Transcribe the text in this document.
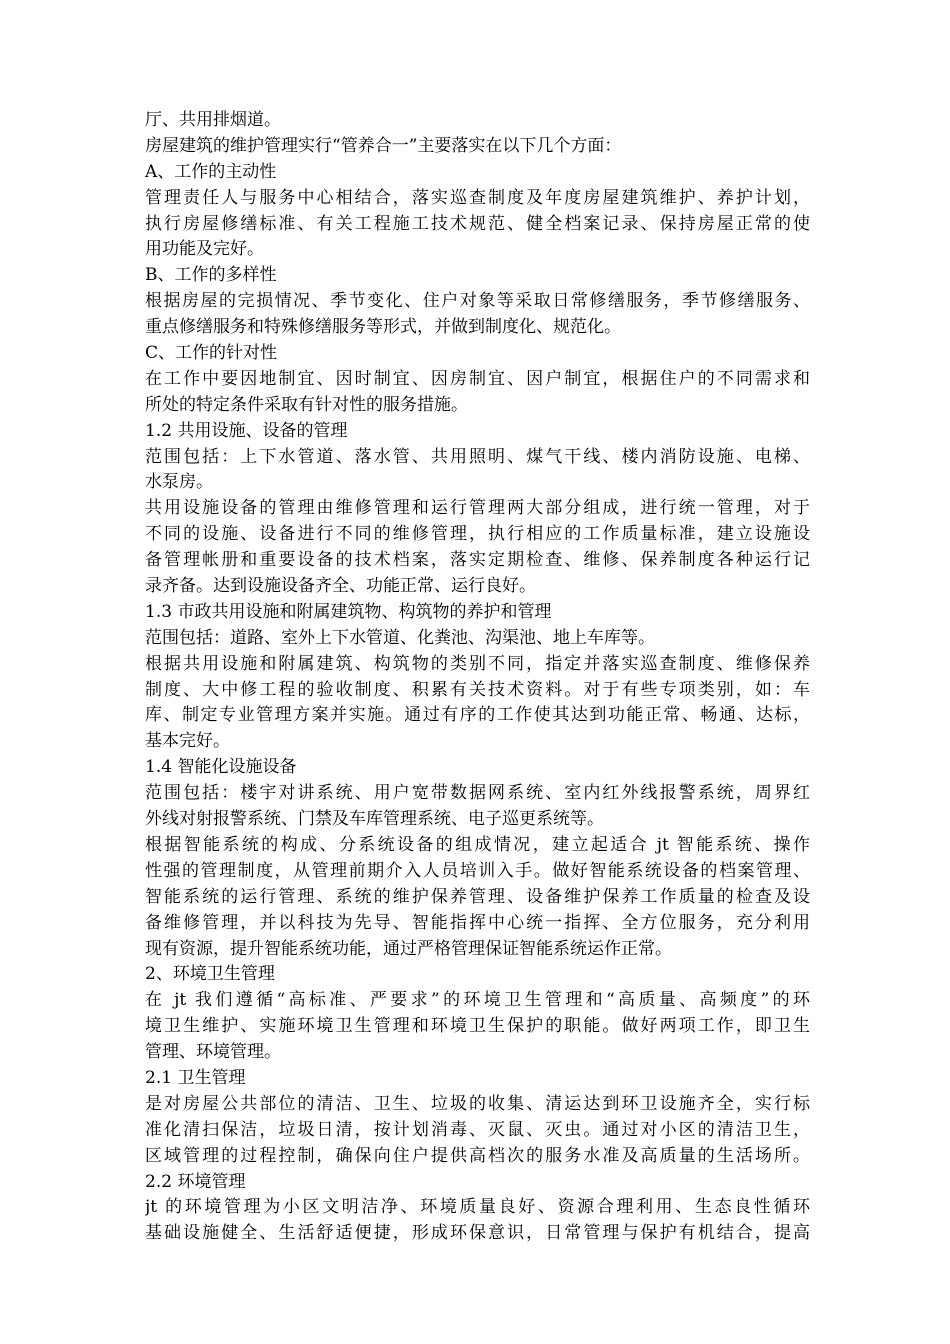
厅、共用排烟道。
房屋建筑的维护管理实行“管养合一”主要落实在以下几个方面：
A、工作的主动性
管理责任人与服务中心相结合，落实巡查制度及年度房屋建筑维护、养护计划，
执行房屋修缮标准、有关工程施工技术规范、健全档案记录、保持房屋正常的使
用功能及完好。
B、工作的多样性
根据房屋的完损情况、季节变化、住户对象等采取日常修缮服务，季节修缮服务、
重点修缮服务和特殊修缮服务等形式，并做到制度化、规范化。
C、工作的针对性
在工作中要因地制宜、因时制宜、因房制宜、因户制宜，根据住户的不同需求和
所处的特定条件采取有针对性的服务措施。
1.2 共用设施、设备的管理
范围包括：上下水管道、落水管、共用照明、煤气干线、楼内消防设施、电梯、
水泵房。
共用设施设备的管理由维修管理和运行管理两大部分组成，进行统一管理，对于
不同的设施、设备进行不同的维修管理，执行相应的工作质量标准，建立设施设
备管理帐册和重要设备的技术档案，落实定期检查、维修、保养制度各种运行记
录齐备。达到设施设备齐全、功能正常、运行良好。
1.3 市政共用设施和附属建筑物、构筑物的养护和管理
范围包括：道路、室外上下水管道、化粪池、沟渠池、地上车库等。
根据共用设施和附属建筑、构筑物的类别不同，指定并落实巡查制度、维修保养
制度、大中修工程的验收制度、积累有关技术资料。对于有些专项类别，如：车
库、制定专业管理方案并实施。通过有序的工作使其达到功能正常、畅通、达标，
基本完好。
1.4 智能化设施设备
范围包括：楼宇对讲系统、用户宽带数据网系统、室内红外线报警系统，周界红
外线对射报警系统、门禁及车库管理系统、电子巡更系统等。
根据智能系统的构成、分系统设备的组成情况，建立起适合 jt 智能系统、操作
性强的管理制度，从管理前期介入人员培训入手。做好智能系统设备的档案管理、
智能系统的运行管理、系统的维护保养管理、设备维护保养工作质量的检查及设
备维修管理，并以科技为先导、智能指挥中心统一指挥、全方位服务，充分利用
现有资源，提升智能系统功能，通过严格管理保证智能系统运作正常。
2、环境卫生管理
在 jt 我们遵循“高标准、严要求”的环境卫生管理和“高质量、高频度”的环
境卫生维护、实施环境卫生管理和环境卫生保护的职能。做好两项工作，即卫生
管理、环境管理。
2.1 卫生管理
是对房屋公共部位的清洁、卫生、垃圾的收集、清运达到环卫设施齐全，实行标
准化清扫保洁，垃圾日清，按计划消毒、灭鼠、灭虫。通过对小区的清洁卫生，
区域管理的过程控制，确保向住户提供高档次的服务水准及高质量的生活场所。
2.2 环境管理
jt 的环境管理为小区文明洁净、环境质量良好、资源合理利用、生态良性循环
基础设施健全、生活舒适便捷，形成环保意识，日常管理与保护有机结合，提高
